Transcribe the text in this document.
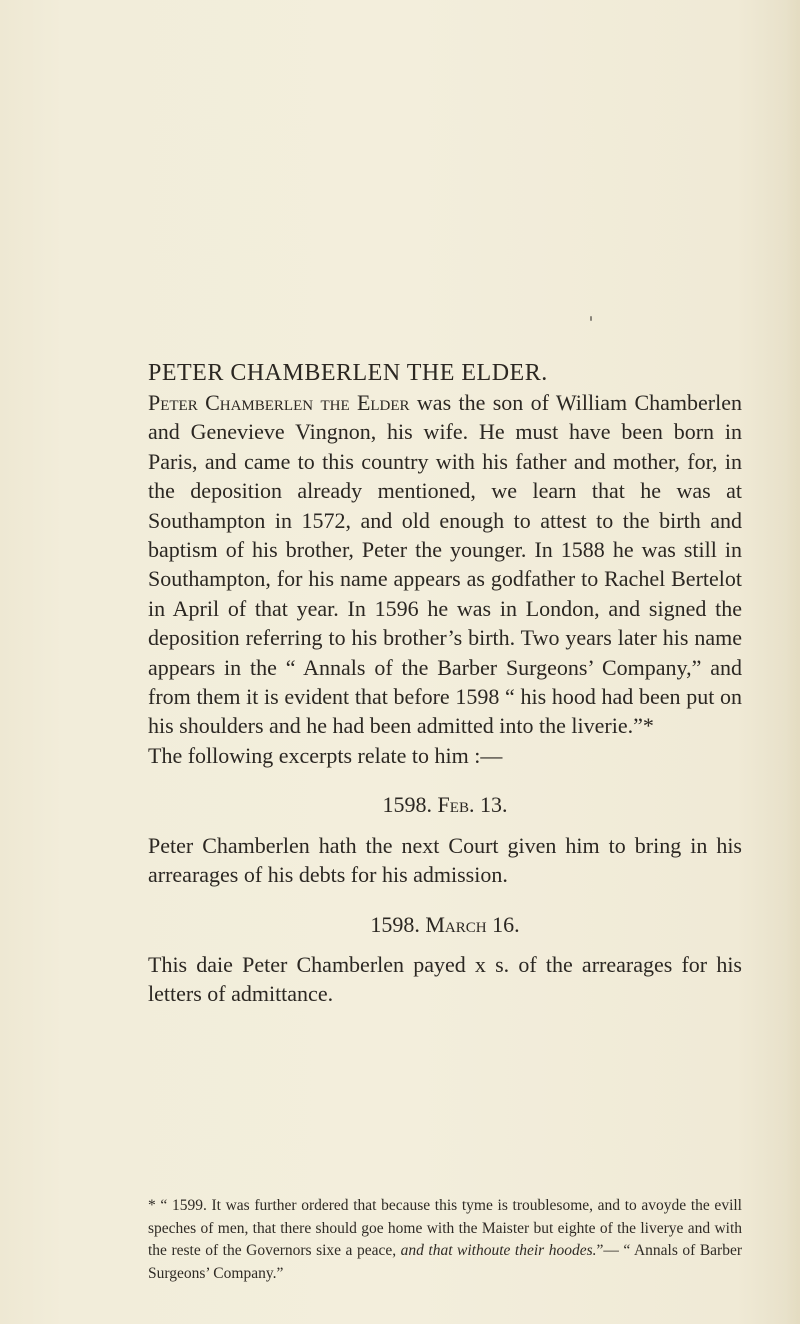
PETER CHAMBERLEN THE ELDER.

Peter Chamberlen the Elder was the son of William Chamberlen and Genevieve Vingnon, his wife. He must have been born in Paris, and came to this country with his father and mother, for, in the deposition already mentioned, we learn that he was at Southampton in 1572, and old enough to attest to the birth and baptism of his brother, Peter the younger. In 1588 he was still in Southampton, for his name appears as godfather to Rachel Bertelot in April of that year. In 1596 he was in London, and signed the deposition referring to his brother’s birth. Two years later his name appears in the “ Annals of the Barber Surgeons’ Company,” and from them it is evident that before 1598 “ his hood had been put on his shoulders and he had been admitted into the liverie.”*

The following excerpts relate to him :—

1598. Feb. 13.

Peter Chamberlen hath the next Court given him to bring in his arrearages of his debts for his admission.

1598. March 16.

This daie Peter Chamberlen payed x s. of the arrearages for his letters of admittance.

* “ 1599. It was further ordered that because this tyme is troublesome, and to avoyde the evill speches of men, that there should goe home with the Maister but eighte of the liverye and with the reste of the Governors sixe a peace, and that withoute their hoodes.”— “ Annals of Barber Surgeons’ Company.”
